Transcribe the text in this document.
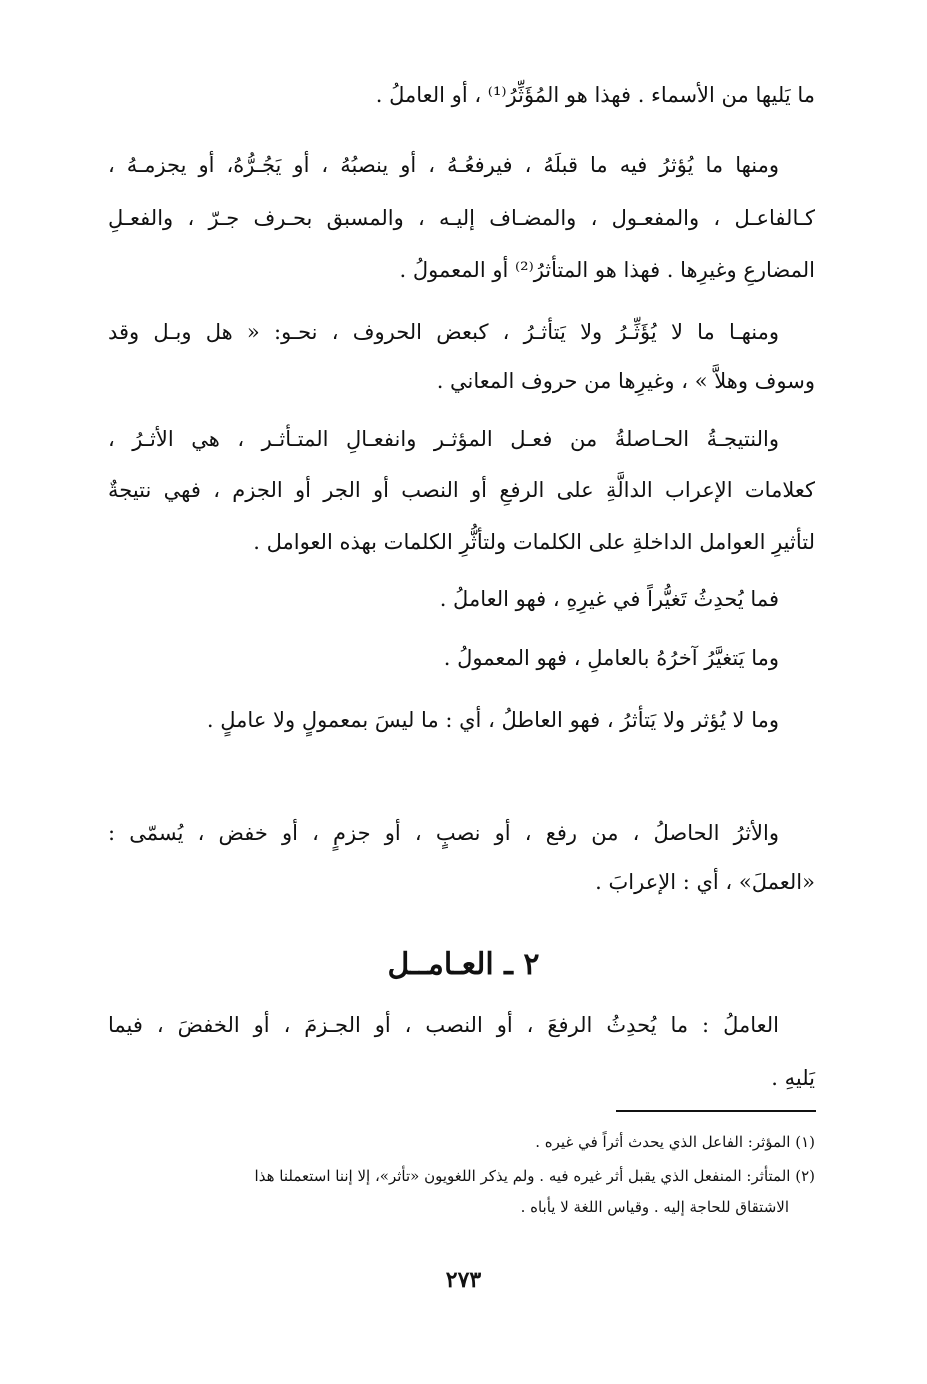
ما يَليها من الأسماء . فهذا هو المُؤَثِّرُ⁽¹⁾ ، أو العاملُ .
ومنها ما يُؤثرُ فيه ما قبلَهُ ، فيرفعُـهُ ، أو ينصبُهُ ، أو يَجُـرُّهُ، أو يجزمـهُ ،
كـالفاعـل ، والمفعـول ، والمضـاف إليـه ، والمسبق بحـرف جـرّ ، والفعـلِ
المضارعِ وغيرِها . فهذا هو المتأثرُ⁽²⁾ أو المعمولُ .
ومنهـا ما لا يُؤَثِّـرُ ولا يَتأثـرُ ، كبعض الحروف ، نحـو: « هل وبـل وقد
وسوف وهلاَّ » ، وغيرِها من حروف المعاني .
والنتيجـةُ الحـاصلةُ من فعـل المؤثـر وانفعـالِ المتـأثـر ، هي الأثـرُ ،
كعلامات الإعراب الدالَّةِ على الرفعِ أو النصب أو الجر أو الجزم ، فهي نتيجةٌ
لتأثيرِ العوامل الداخلةِ على الكلمات ولتأثُّرِ الكلمات بهذه العوامل .
فما يُحدِثُ تَغيُّراً في غيرِهِ ، فهو العاملُ .
وما يَتغيَّرُ آخرُهُ بالعاملِ ، فهو المعمولُ .
وما لا يُؤثر ولا يَتأثرُ ، فهو العاطلُ ، أي : ما ليسَ بمعمولٍ ولا عاملٍ .
والأثرُ الحاصلُ ، من رفع ، أو نصبٍ ، أو جزمٍ ، أو خفض ، يُسمّى :
«العملَ» ، أي : الإعرابَ .
٢ ـ العـامــل
العاملُ : ما يُحدِثُ الرفعَ ، أو النصب ، أو الجـزمَ ، أو الخفضَ ، فيما
يَليهِ .
(١) المؤثر: الفاعل الذي يحدث أثراً في غيره .
(٢) المتأثر: المنفعل الذي يقبل أثر غيره فيه . ولم يذكر اللغويون «تأثر»، إلا إننا استعملنا هذا
الاشتقاق للحاجة إليه . وقياس اللغة لا يأباه .
٢٧٣
